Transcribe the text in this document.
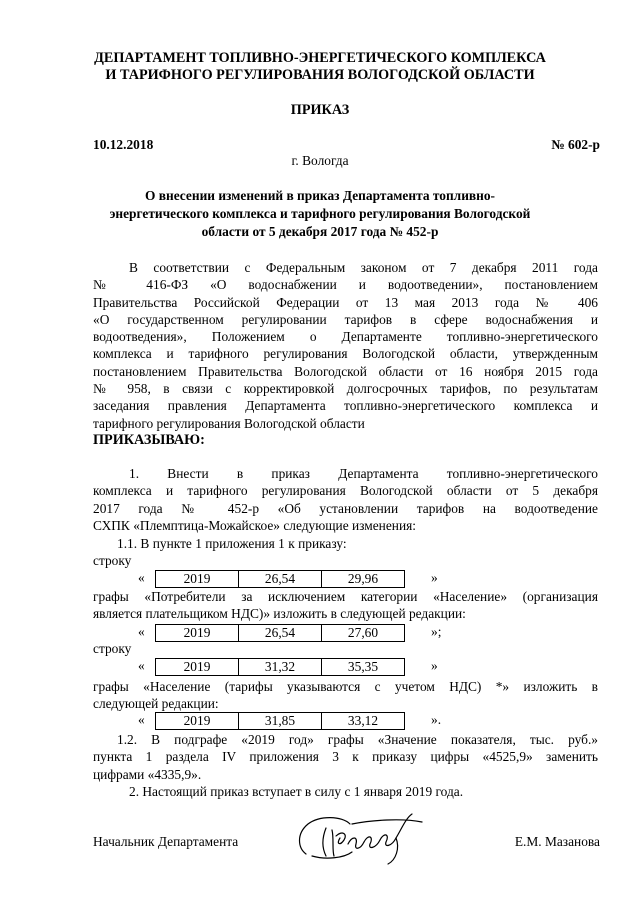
ДЕПАРТАМЕНТ ТОПЛИВНО-ЭНЕРГЕТИЧЕСКОГО КОМПЛЕКСА
И ТАРИФНОГО РЕГУЛИРОВАНИЯ ВОЛОГОДСКОЙ ОБЛАСТИ
ПРИКАЗ
10.12.2018	№ 602-р
г. Вологда
О внесении изменений в приказ Департамента топливно-
энергетического комплекса и тарифного регулирования Вологодской
области от 5 декабря 2017 года № 452-р
В соответствии с Федеральным законом от 7 декабря 2011 года
№ 416-ФЗ «О водоснабжении и водоотведении», постановлением
Правительства Российской Федерации от 13 мая 2013 года № 406
«О государственном регулировании тарифов в сфере водоснабжения и
водоотведения», Положением о Департаменте топливно-энергетического
комплекса и тарифного регулирования Вологодской области, утвержденным
постановлением Правительства Вологодской области от 16 ноября 2015 года
№ 958, в связи с корректировкой долгосрочных тарифов, по результатам
заседания правления Департамента топливно-энергетического комплекса и
тарифного регулирования Вологодской области
ПРИКАЗЫВАЮ:
1. Внести в приказ Департамента топливно-энергетического
комплекса и тарифного регулирования Вологодской области от 5 декабря
2017 года № 452-р «Об установлении тарифов на водоотведение
СХПК «Племптица-Можайское» следующие изменения:
1.1. В пункте 1 приложения 1 к приказу:
строку
«	2019	26,54	29,96	»
графы «Потребители за исключением категории «Население» (организация
является плательщиком НДС)» изложить в следующей редакции:
«	2019	26,54	27,60	»;
строку
«	2019	31,32	35,35	»
графы «Население (тарифы указываются с учетом НДС) *» изложить в
следующей редакции:
«	2019	31,85	33,12	».
1.2. В подграфе «2019 год» графы «Значение показателя, тыс. руб.»
пункта 1 раздела IV приложения 3 к приказу цифры «4525,9» заменить
цифрами «4335,9».
2. Настоящий приказ вступает в силу с 1 января 2019 года.
Начальник Департамента	Е.М. Мазанова
